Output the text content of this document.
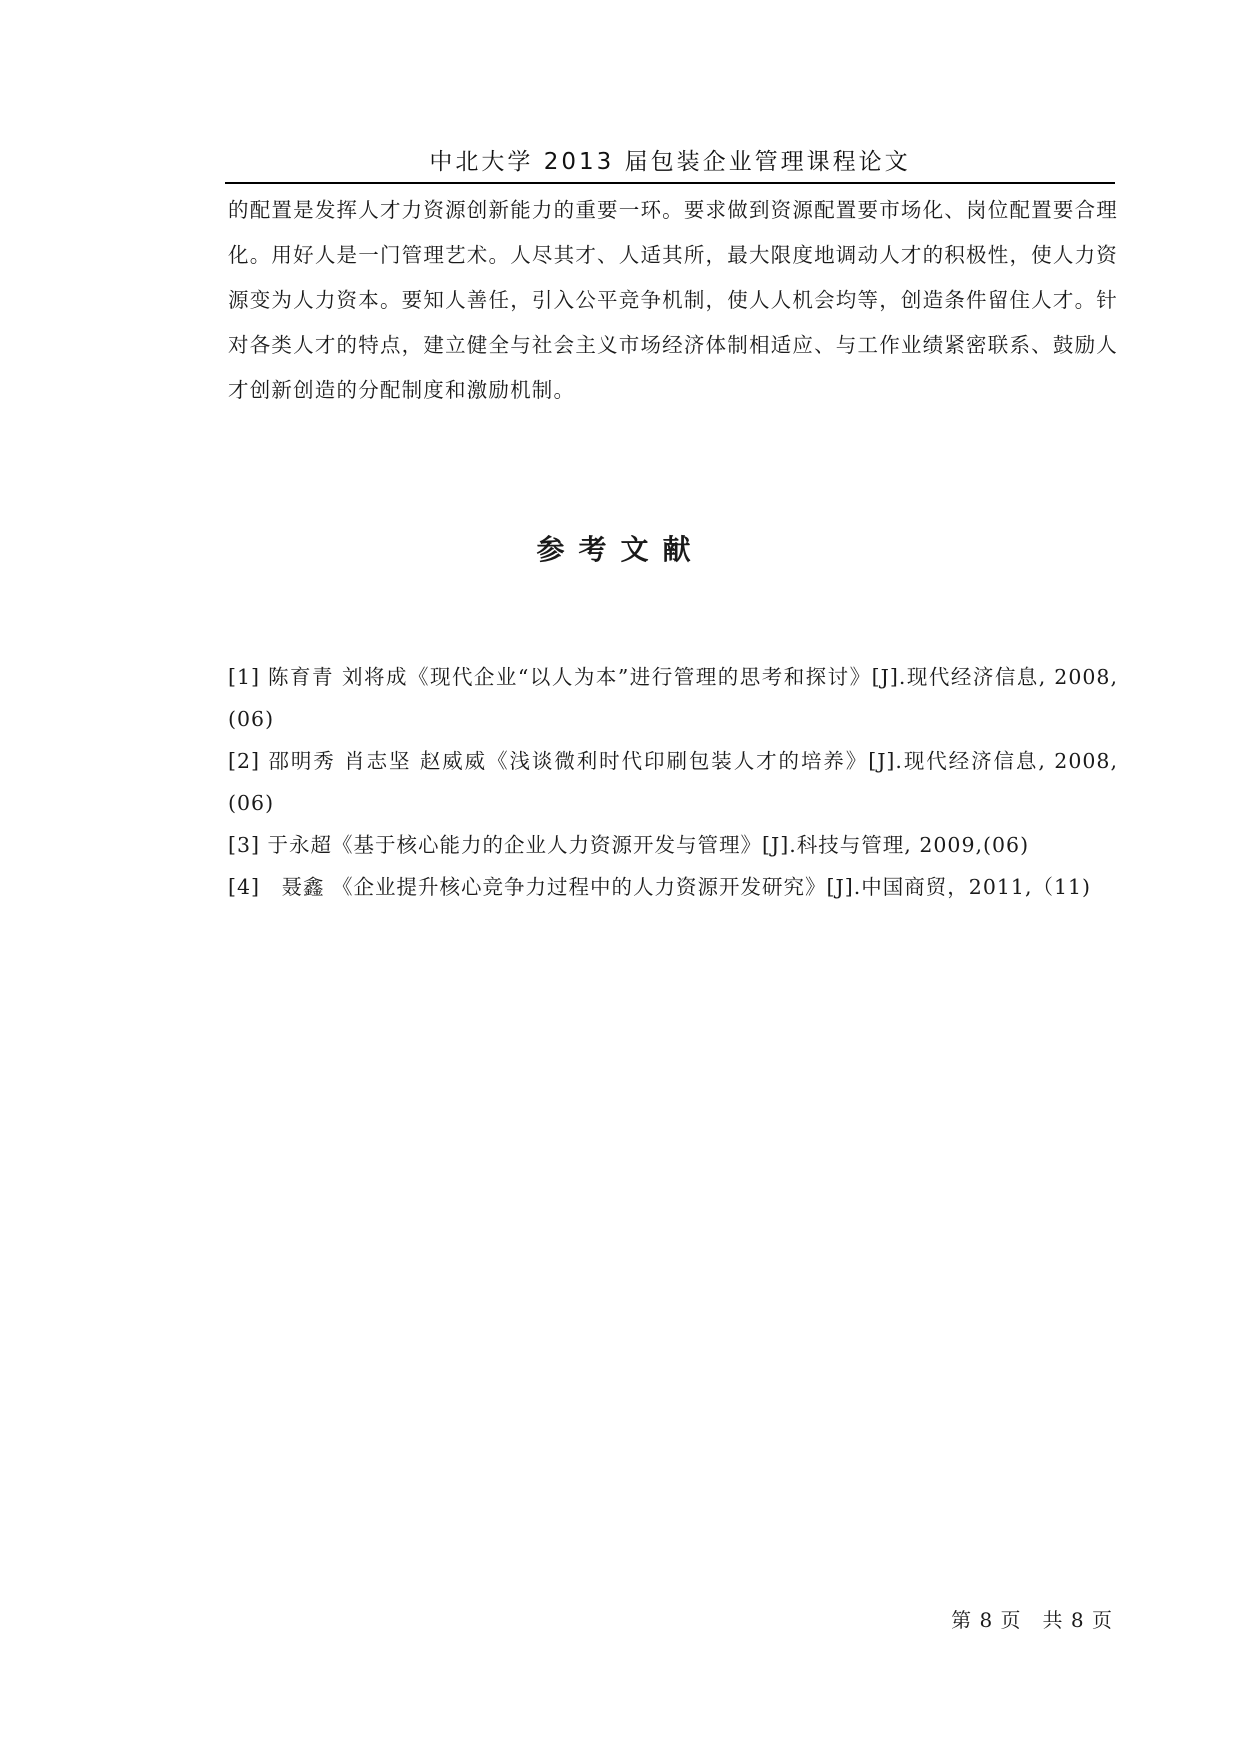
中北大学 2013 届包装企业管理课程论文

的配置是发挥人才力资源创新能力的重要一环。要求做到资源配置要市场化、岗位配置要合理化。用好人是一门管理艺术。人尽其才、人适其所，最大限度地调动人才的积极性，使人力资源变为人力资本。要知人善任，引入公平竞争机制，使人人机会均等，创造条件留住人才。针对各类人才的特点，建立健全与社会主义市场经济体制相适应、与工作业绩紧密联系、鼓励人才创新创造的分配制度和激励机制。

参考文献
[1] 陈育青 刘将成《现代企业“以人为本”进行管理的思考和探讨》[J].现代经济信息, 2008,(06)
[2] 邵明秀 肖志坚 赵威威《浅谈微利时代印刷包装人才的培养》[J].现代经济信息, 2008,(06)
[3] 于永超《基于核心能力的企业人力资源开发与管理》[J].科技与管理, 2009,(06)
[4]　聂鑫 《企业提升核心竞争力过程中的人力资源开发研究》[J].中国商贸，2011,（11)
第 8 页　共 8 页
